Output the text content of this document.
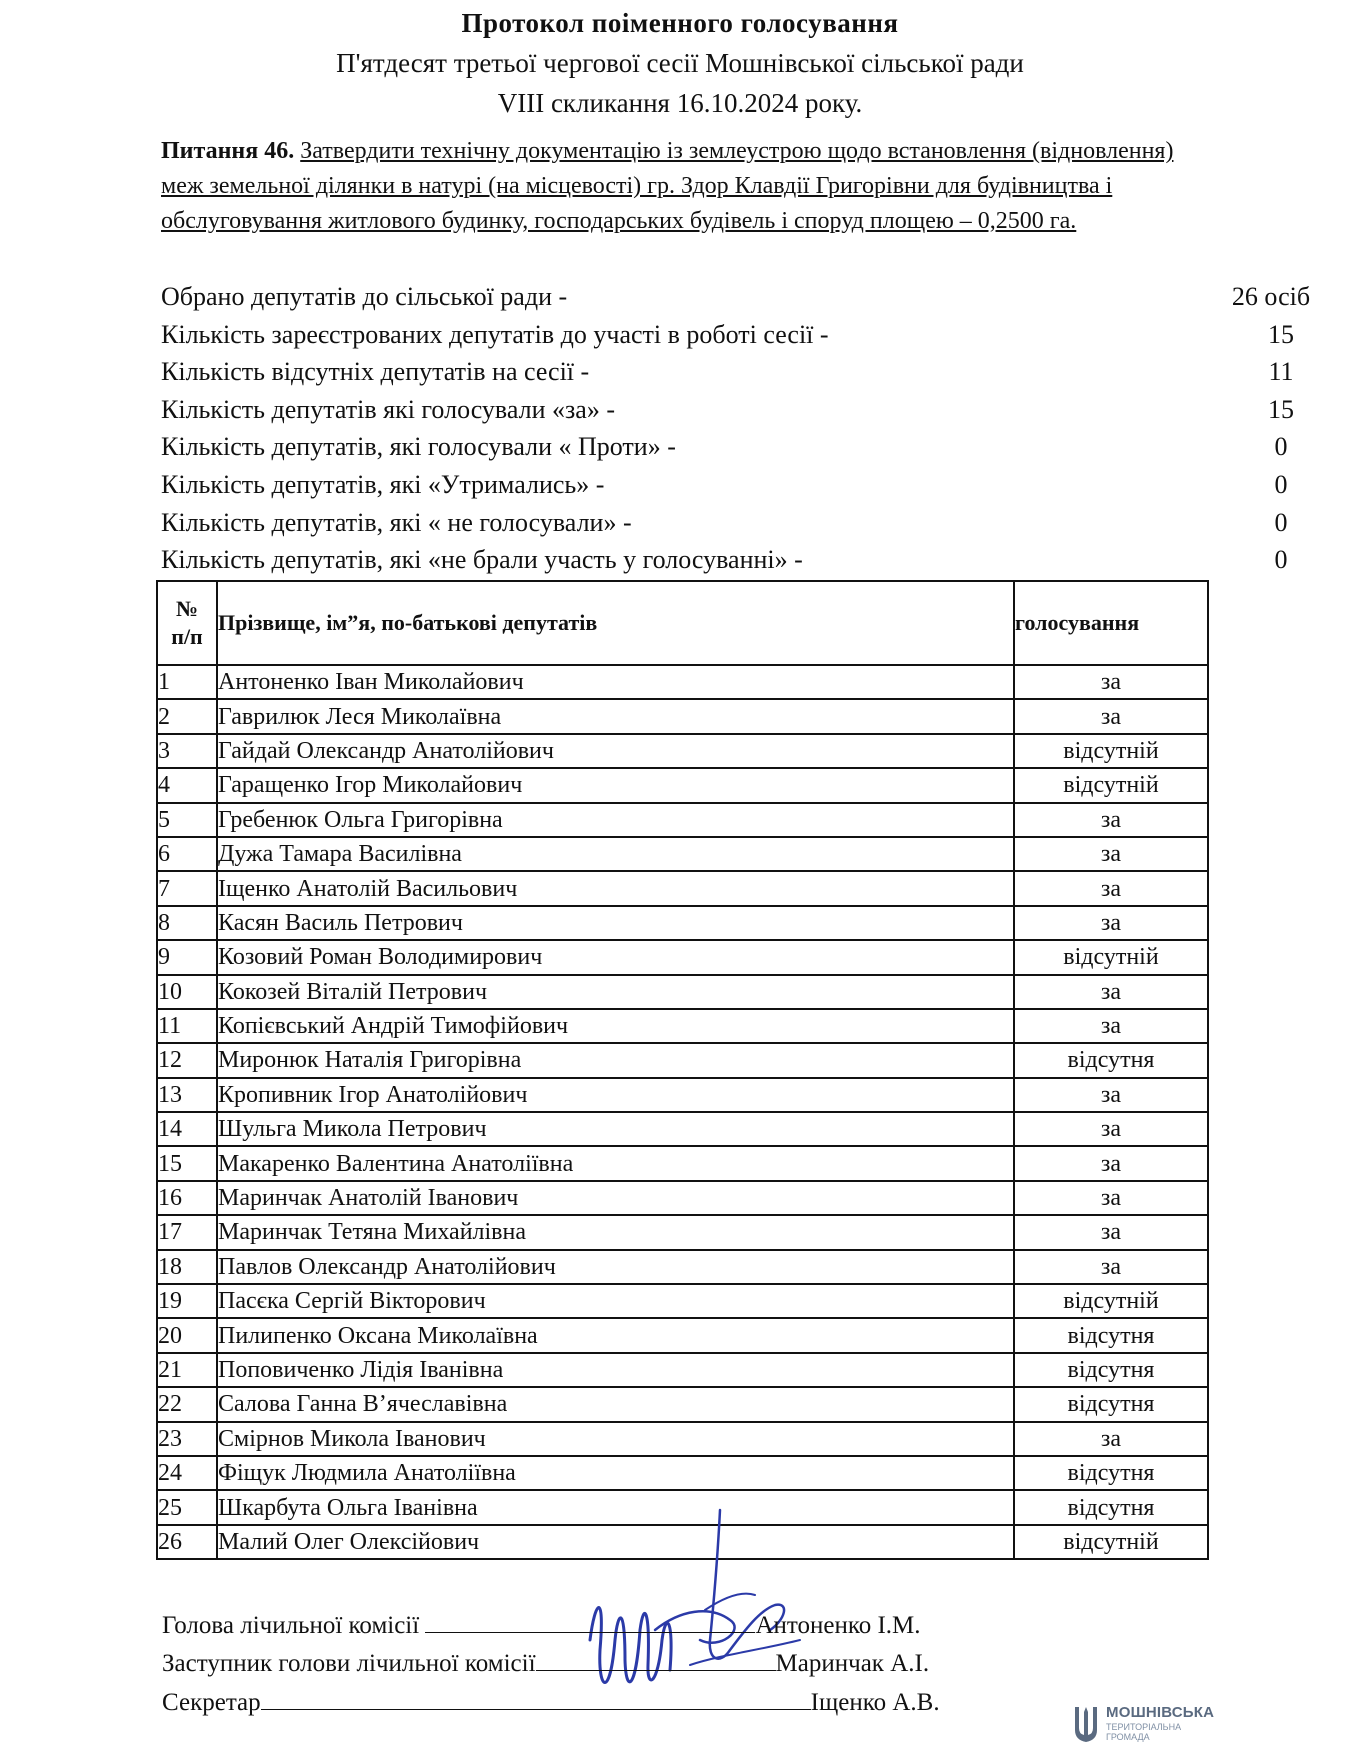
Протокол поіменного голосування
П'ятдесят третьої чергової сесії Мошнівської сільської ради
VIII скликання 16.10.2024 року.
Питання 46. Затвердити технічну документацію із землеустрою щодо встановлення (відновлення) меж земельної ділянки в натурі (на місцевості) гр. Здор Клавдії Григорівни для будівництва і обслуговування житлового будинку, господарських будівель і споруд площею – 0,2500 га.
Обрано депутатів до сільської ради -	26 осіб
Кількість зареєстрованих депутатів до участі в роботі сесії -	15
Кількість відсутніх депутатів на сесії -	11
Кількість депутатів які голосували «за» -	15
Кількість депутатів, які голосували « Проти» -	0
Кількість депутатів, які «Утримались» -	0
Кількість депутатів, які « не голосували» -	0
Кількість депутатів, які «не брали участь у голосуванні» -	0
№
п/п	Прізвище, ім”я, по-батькові депутатів	голосування
1	Антоненко Іван Миколайович	за
2	Гаврилюк Леся Миколаївна	за
3	Гайдай Олександр Анатолійович	відсутній
4	Гаращенко Ігор Миколайович	відсутній
5	Гребенюк Ольга Григорівна	за
6	Дужа Тамара Василівна	за
7	Іщенко Анатолій Васильович	за
8	Касян Василь Петрович	за
9	Козовий Роман Володимирович	відсутній
10	Кокозей Віталій Петрович	за
11	Копієвський Андрій Тимофійович	за
12	Миронюк Наталія Григорівна	відсутня
13	Кропивник Ігор Анатолійович	за
14	Шульга Микола Петрович	за
15	Макаренко Валентина Анатоліївна	за
16	Маринчак Анатолій Іванович	за
17	Маринчак Тетяна Михайлівна	за
18	Павлов Олександр Анатолійович	за
19	Пасєка Сергій Вікторович	відсутній
20	Пилипенко Оксана Миколаївна	відсутня
21	Поповиченко Лідія Іванівна	відсутня
22	Салова Ганна В’ячеславівна	відсутня
23	Смірнов Микола Іванович	за
24	Фіщук Людмила Анатоліївна	відсутня
25	Шкарбута Ольга Іванівна	відсутня
26	Малий Олег Олексійович	відсутній
Голова лічильної комісії	Антоненко І.М.
Заступник голови лічильної комісії	Маринчак А.І.
Секретар	Іщенко А.В.	МОШНІВСЬКА
ТЕРИТОРІАЛЬНА ГРОМАДА
